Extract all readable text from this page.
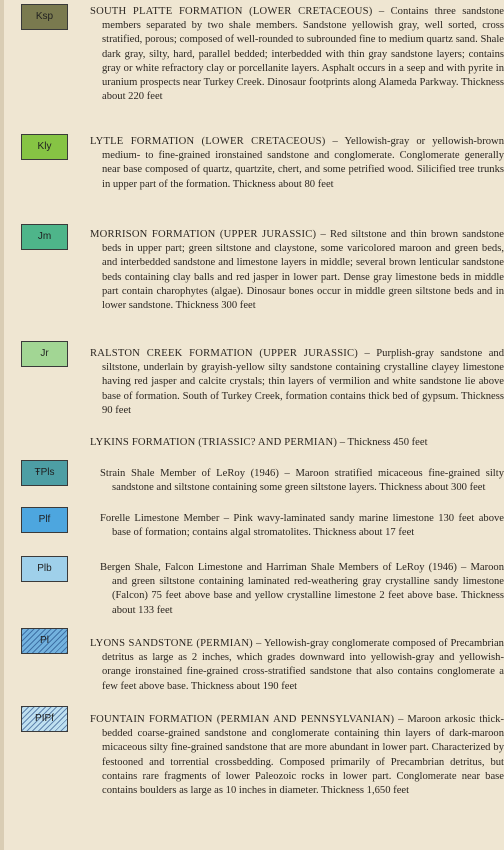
Ksp	SOUTH PLATTE FORMATION (LOWER CRETACEOUS) – Contains three sandstone members separated by two shale members. Sandstone yellowish gray, well sorted, cross stratified, porous; composed of well-rounded to subrounded fine to medium quartz sand. Shale dark gray, silty, hard, parallel bedded; interbedded with thin gray sandstone layers; contains gray or white refractory clay or porcellanite layers. Asphalt occurs in a seep and with pyrite in uranium prospects near Turkey Creek. Dinosaur footprints along Alameda Parkway. Thickness about 220 feet

Kly	LYTLE FORMATION (LOWER CRETACEOUS) – Yellowish-gray or yellowish-brown medium- to fine-grained ironstained sandstone and conglomerate. Conglomerate generally near base composed of quartz, quartzite, chert, and some petrified wood. Silicified tree trunks in upper part of the formation. Thickness about 80 feet

Jm	MORRISON FORMATION (UPPER JURASSIC) – Red siltstone and thin brown sandstone beds in upper part; green siltstone and claystone, some varicolored maroon and green beds, and interbedded sandstone and limestone layers in middle; several brown lenticular sandstone beds containing clay balls and red jasper in lower part. Dense gray limestone beds in middle part contain charophytes (algae). Dinosaur bones occur in middle green siltstone beds and in lower sandstone. Thickness 300 feet

Jr	RALSTON CREEK FORMATION (UPPER JURASSIC) – Purplish-gray sandstone and siltstone, underlain by grayish-yellow silty sandstone containing crystalline clayey limestone having red jasper and calcite crystals; thin layers of vermilion and white sandstone lie above base of formation. South of Turkey Creek, formation contains thick bed of gypsum. Thickness 90 feet

LYKINS FORMATION (TRIASSIC? AND PERMIAN) – Thickness 450 feet

ŦPls	Strain Shale Member of LeRoy (1946) – Maroon stratified micaceous fine-grained silty sandstone and siltstone containing some green siltstone layers. Thickness about 300 feet

Plf	Forelle Limestone Member – Pink wavy-laminated sandy marine limestone 130 feet above base of formation; contains algal stromatolites. Thickness about 17 feet

Plb	Bergen Shale, Falcon Limestone and Harriman Shale Members of LeRoy (1946) – Maroon and green siltstone containing laminated red-weathering gray crystalline sandy limestone (Falcon) 75 feet above base and yellow crystalline limestone 2 feet above base. Thickness about 133 feet

Pl	LYONS SANDSTONE (PERMIAN) – Yellowish-gray conglomerate composed of Precambrian detritus as large as 2 inches, which grades downward into yellowish-gray and yellowish-orange ironstained fine-grained cross-stratified sandstone that also contains conglomerate a few feet above base. Thickness about 190 feet

PIPf	FOUNTAIN FORMATION (PERMIAN AND PENNSYLVANIAN) – Maroon arkosic thick-bedded coarse-grained sandstone and conglomerate containing thin layers of dark-maroon micaceous silty fine-grained sandstone that are more abundant in lower part. Characterized by festooned and torrential crossbedding. Composed primarily of Precambrian detritus, but contains rare fragments of lower Paleozoic rocks in lower part. Conglomerate near base contains boulders as large as 10 inches in diameter. Thickness 1,650 feet
